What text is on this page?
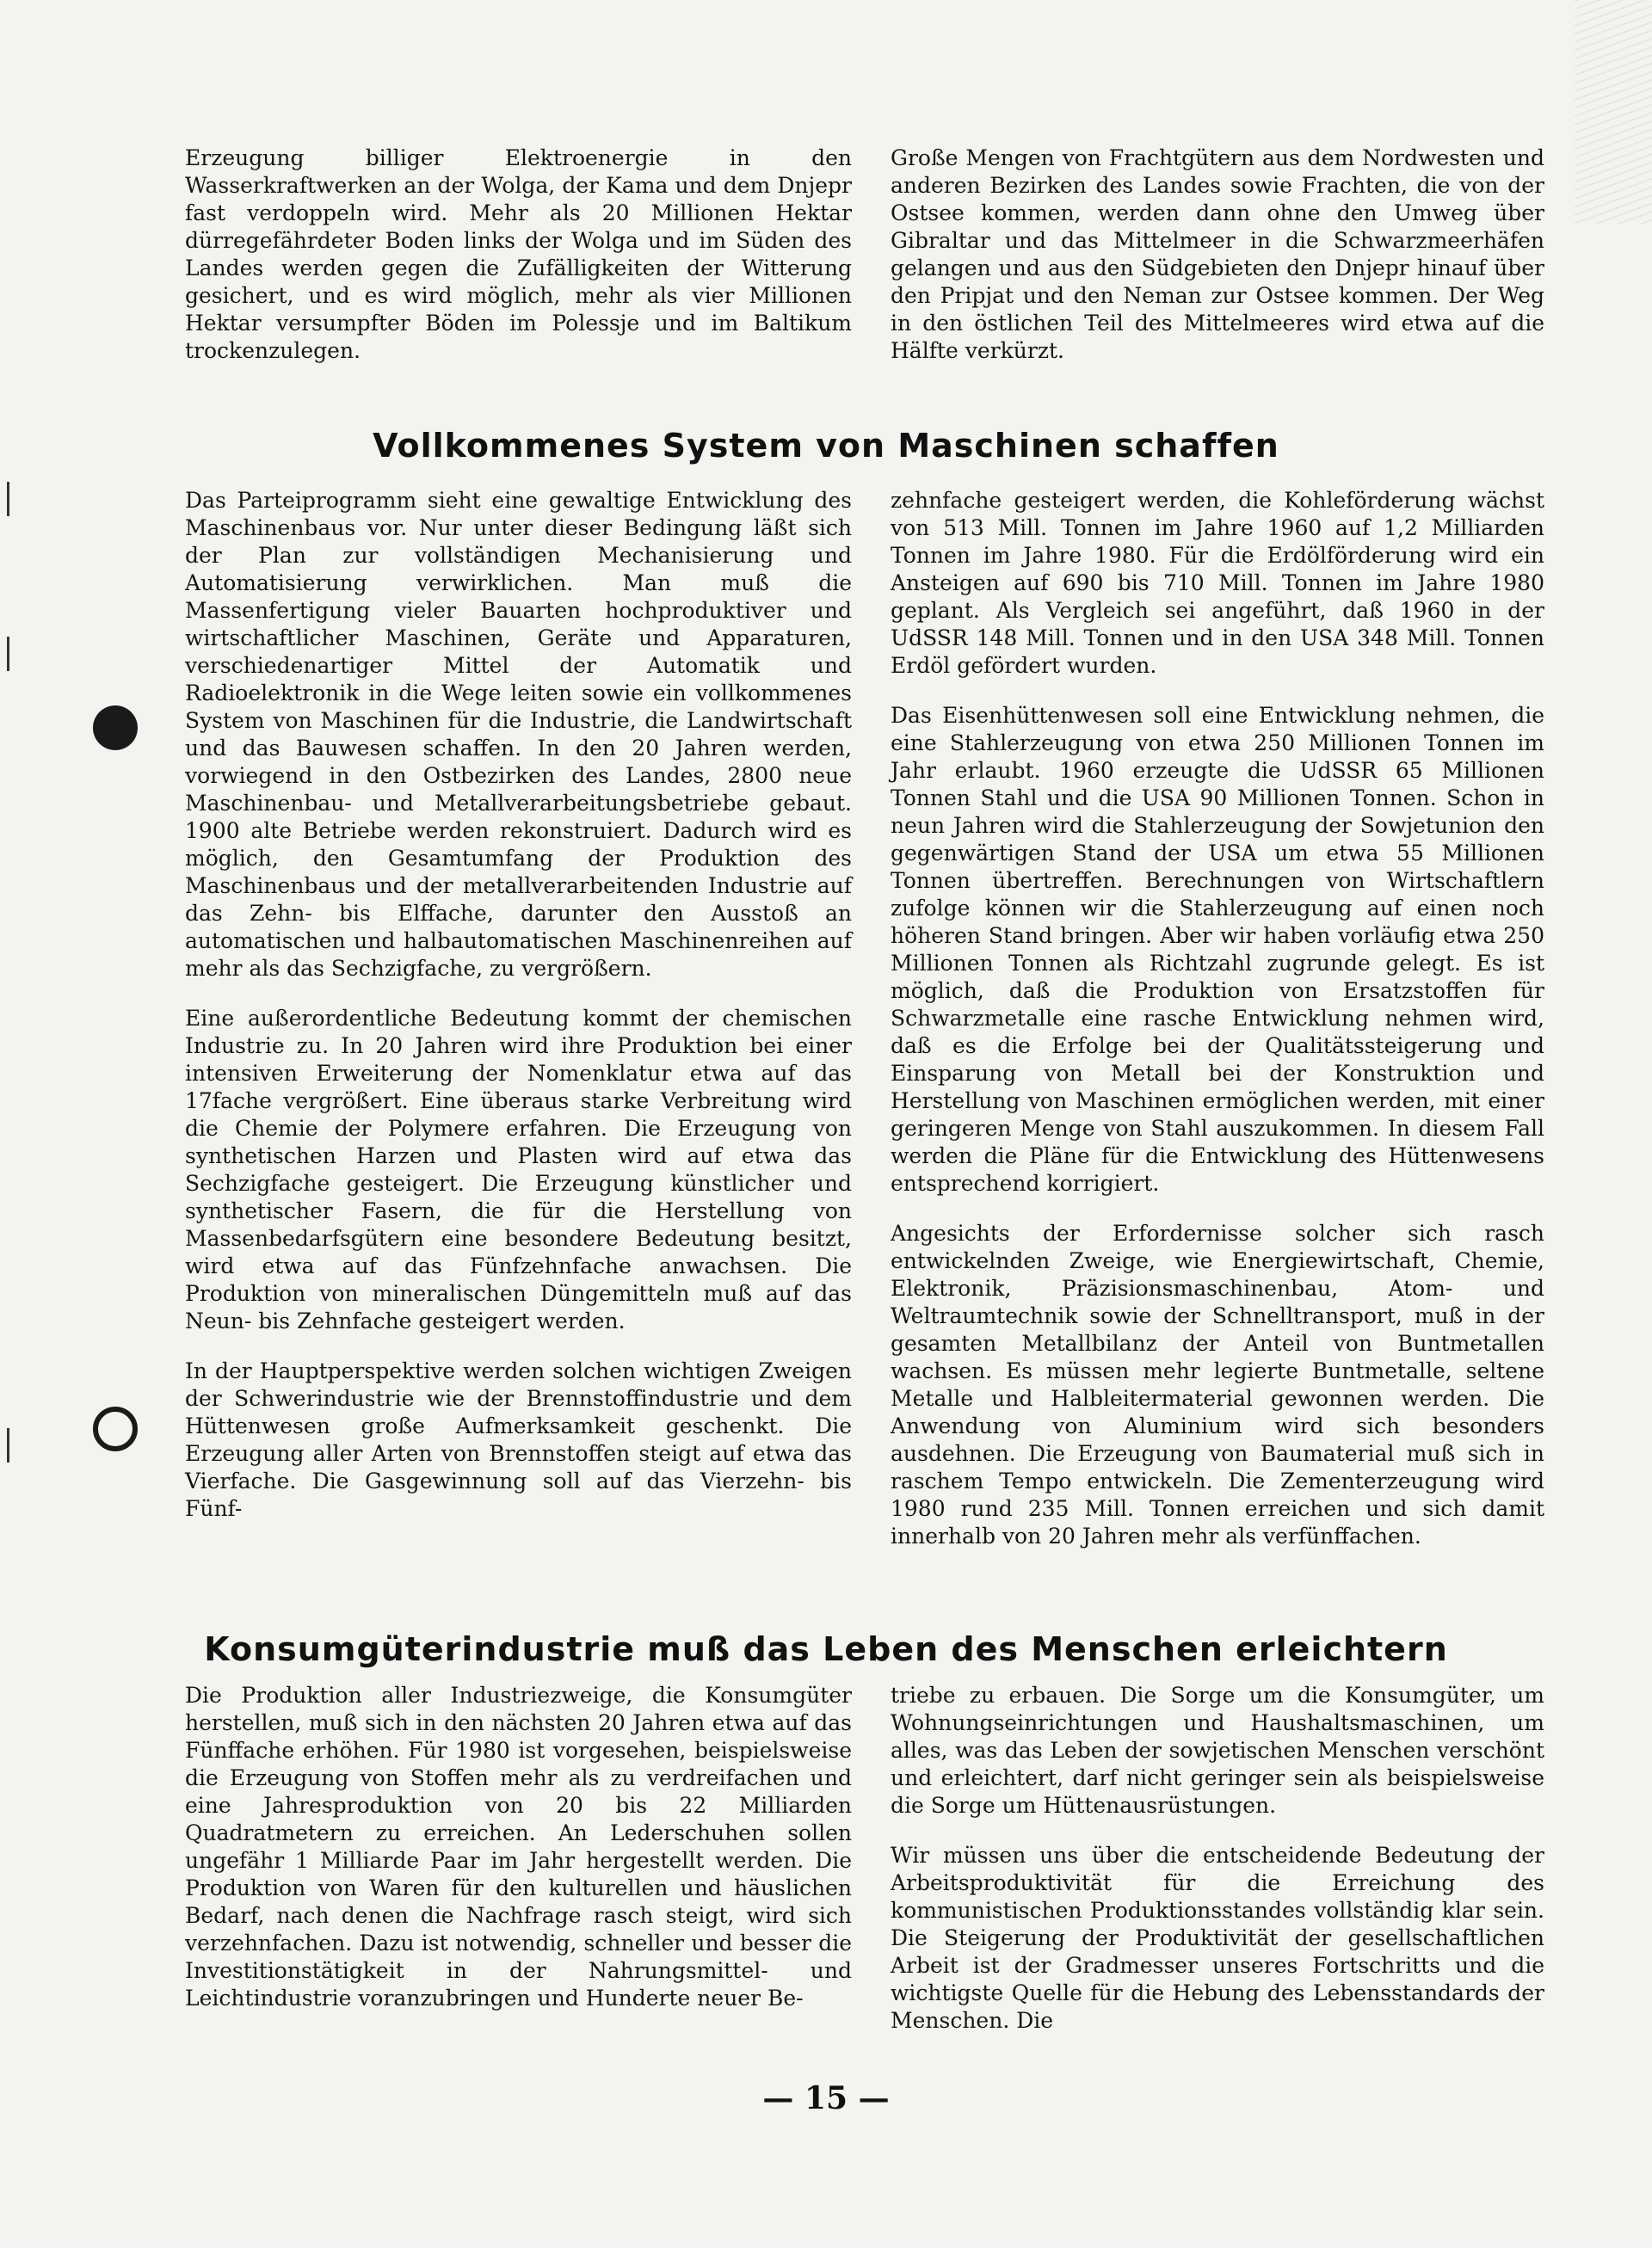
Erzeugung billiger Elektroenergie in den Wasserkraftwerken an der Wolga, der Kama und dem Dnjepr fast verdoppeln wird. Mehr als 20 Millionen Hektar dürregefährdeter Boden links der Wolga und im Süden des Landes werden gegen die Zufälligkeiten der Witterung gesichert, und es wird möglich, mehr als vier Millionen Hektar versumpfter Böden im Polessje und im Baltikum trockenzulegen.

Große Mengen von Frachtgütern aus dem Nordwesten und anderen Bezirken des Landes sowie Frachten, die von der Ostsee kommen, werden dann ohne den Umweg über Gibraltar und das Mittelmeer in die Schwarzmeerhäfen gelangen und aus den Südgebieten den Dnjepr hinauf über den Pripjat und den Neman zur Ostsee kommen. Der Weg in den östlichen Teil des Mittelmeeres wird etwa auf die Hälfte verkürzt.

Vollkommenes System von Maschinen schaffen

Das Parteiprogramm sieht eine gewaltige Entwicklung des Maschinenbaus vor. Nur unter dieser Bedingung läßt sich der Plan zur vollständigen Mechanisierung und Automatisierung verwirklichen. Man muß die Massenfertigung vieler Bauarten hochproduktiver und wirtschaftlicher Maschinen, Geräte und Apparaturen, verschiedenartiger Mittel der Automatik und Radioelektronik in die Wege leiten sowie ein vollkommenes System von Maschinen für die Industrie, die Landwirtschaft und das Bauwesen schaffen. In den 20 Jahren werden, vorwiegend in den Ostbezirken des Landes, 2800 neue Maschinenbau- und Metallverarbeitungsbetriebe gebaut. 1900 alte Betriebe werden rekonstruiert. Dadurch wird es möglich, den Gesamtumfang der Produktion des Maschinenbaus und der metallverarbeitenden Industrie auf das Zehn- bis Elffache, darunter den Ausstoß an automatischen und halbautomatischen Maschinenreihen auf mehr als das Sechzigfache, zu vergrößern.

Eine außerordentliche Bedeutung kommt der chemischen Industrie zu. In 20 Jahren wird ihre Produktion bei einer intensiven Erweiterung der Nomenklatur etwa auf das 17fache vergrößert. Eine überaus starke Verbreitung wird die Chemie der Polymere erfahren. Die Erzeugung von synthetischen Harzen und Plasten wird auf etwa das Sechzigfache gesteigert. Die Erzeugung künstlicher und synthetischer Fasern, die für die Herstellung von Massenbedarfsgütern eine besondere Bedeutung besitzt, wird etwa auf das Fünfzehnfache anwachsen. Die Produktion von mineralischen Düngemitteln muß auf das Neun- bis Zehnfache gesteigert werden.

In der Hauptperspektive werden solchen wichtigen Zweigen der Schwerindustrie wie der Brennstoffindustrie und dem Hüttenwesen große Aufmerksamkeit geschenkt. Die Erzeugung aller Arten von Brennstoffen steigt auf etwa das Vierfache. Die Gasgewinnung soll auf das Vierzehn- bis Fünf-

zehnfache gesteigert werden, die Kohleförderung wächst von 513 Mill. Tonnen im Jahre 1960 auf 1,2 Milliarden Tonnen im Jahre 1980. Für die Erdölförderung wird ein Ansteigen auf 690 bis 710 Mill. Tonnen im Jahre 1980 geplant. Als Vergleich sei angeführt, daß 1960 in der UdSSR 148 Mill. Tonnen und in den USA 348 Mill. Tonnen Erdöl gefördert wurden.

Das Eisenhüttenwesen soll eine Entwicklung nehmen, die eine Stahlerzeugung von etwa 250 Millionen Tonnen im Jahr erlaubt. 1960 erzeugte die UdSSR 65 Millionen Tonnen Stahl und die USA 90 Millionen Tonnen. Schon in neun Jahren wird die Stahlerzeugung der Sowjetunion den gegenwärtigen Stand der USA um etwa 55 Millionen Tonnen übertreffen. Berechnungen von Wirtschaftlern zufolge können wir die Stahlerzeugung auf einen noch höheren Stand bringen. Aber wir haben vorläufig etwa 250 Millionen Tonnen als Richtzahl zugrunde gelegt. Es ist möglich, daß die Produktion von Ersatzstoffen für Schwarzmetalle eine rasche Entwicklung nehmen wird, daß es die Erfolge bei der Qualitätssteigerung und Einsparung von Metall bei der Konstruktion und Herstellung von Maschinen ermöglichen werden, mit einer geringeren Menge von Stahl auszukommen. In diesem Fall werden die Pläne für die Entwicklung des Hüttenwesens entsprechend korrigiert.

Angesichts der Erfordernisse solcher sich rasch entwickelnden Zweige, wie Energiewirtschaft, Chemie, Elektronik, Präzisionsmaschinenbau, Atom- und Weltraumtechnik sowie der Schnelltransport, muß in der gesamten Metallbilanz der Anteil von Buntmetallen wachsen. Es müssen mehr legierte Buntmetalle, seltene Metalle und Halbleitermaterial gewonnen werden. Die Anwendung von Aluminium wird sich besonders ausdehnen. Die Erzeugung von Baumaterial muß sich in raschem Tempo entwickeln. Die Zementerzeugung wird 1980 rund 235 Mill. Tonnen erreichen und sich damit innerhalb von 20 Jahren mehr als verfünffachen.

Konsumgüterindustrie muß das Leben des Menschen erleichtern

Die Produktion aller Industriezweige, die Konsumgüter herstellen, muß sich in den nächsten 20 Jahren etwa auf das Fünffache erhöhen. Für 1980 ist vorgesehen, beispielsweise die Erzeugung von Stoffen mehr als zu verdreifachen und eine Jahresproduktion von 20 bis 22 Milliarden Quadratmetern zu erreichen. An Lederschuhen sollen ungefähr 1 Milliarde Paar im Jahr hergestellt werden. Die Produktion von Waren für den kulturellen und häuslichen Bedarf, nach denen die Nachfrage rasch steigt, wird sich verzehnfachen. Dazu ist notwendig, schneller und besser die Investitionstätigkeit in der Nahrungsmittel- und Leichtindustrie voranzubringen und Hunderte neuer Be-

triebe zu erbauen. Die Sorge um die Konsumgüter, um Wohnungseinrichtungen und Haushaltsmaschinen, um alles, was das Leben der sowjetischen Menschen verschönt und erleichtert, darf nicht geringer sein als beispielsweise die Sorge um Hüttenausrüstungen.

Wir müssen uns über die entscheidende Bedeutung der Arbeitsproduktivität für die Erreichung des kommunistischen Produktionsstandes vollständig klar sein. Die Steigerung der Produktivität der gesellschaftlichen Arbeit ist der Gradmesser unseres Fortschritts und die wichtigste Quelle für die Hebung des Lebensstandards der Menschen. Die

— 15 —
